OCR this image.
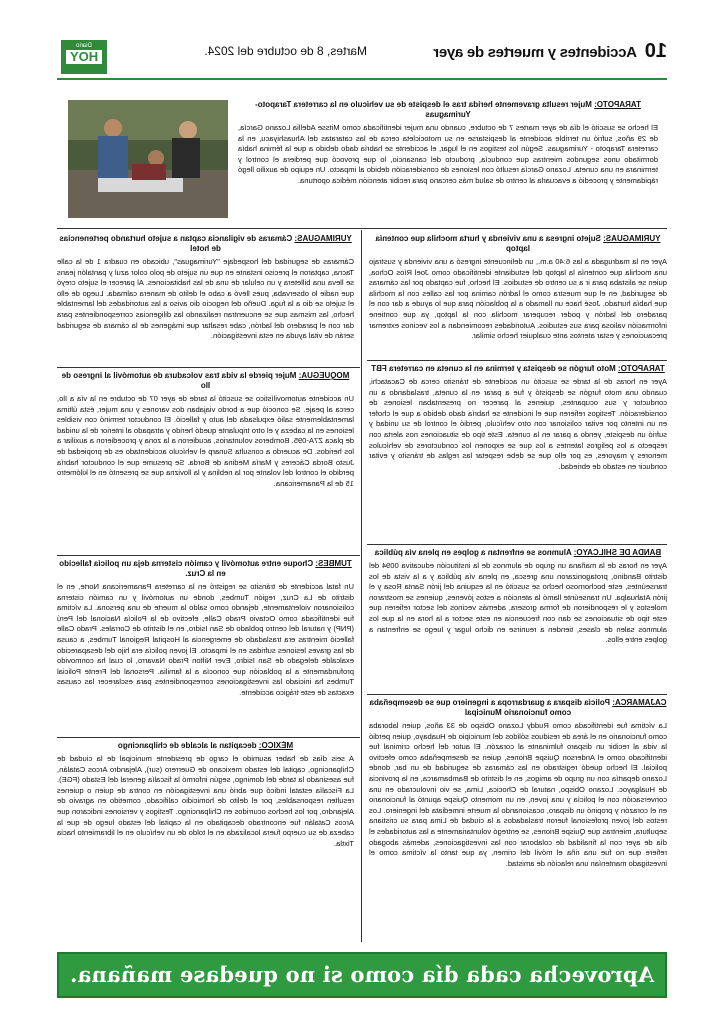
10
Accidentes y muertes de ayer
Martes, 8 de octubre del 2024.
Diario
HOY
TARAPOTO: Mujer resulta gravemente herida tras el despiste de su vehículo en la carretera Tarapoto-Yurimaguas

El hecho se suscitó el día de ayer martes 7 de octubre, cuando una mujer identificada como Mitsse Adellia Lozano García, de 29 años, sufrió un terrible accidente al despistarse en su motocicleta cerca de las cataratas del Ahuashiyacu, en la carretera Tarapoto - Yurimaguas. Según los testigos en el lugar, el accidente se habría dado debido a que la fémina había dormitado unos segundos mientras que conducía, producto del cansancio, lo que provocó que perdiera el control y terminara en una cuneta. Lozano García resultó con lesiones de consideración debido al impacto. Un equipo de auxilio llegó rápidamente y procedió a evacuarla al centro de salud más cercano para recibir atención médica oportuna.

YURIMAGUAS: Sujeto ingresa a una vivienda y hurta mochila que contenía laptop

Ayer en la madrugada a las 6:40 a.m., un delincuente ingresó a una vivienda y sustrajo una mochila que contenía la laptop del estudiante identificado como Joel Ríos Ochoa, quien se alistaba para ir a su centro de estudios. El hecho, fue captado por las cámaras de seguridad, en el que muestra como el ladrón camina por las calles con la mochila que había hurtado. José hace un llamado a la población para que lo ayude a dar con el paradero del ladrón y poder recuperar mochila con la laptop, ya que contiene información valiosa para sus estudios. Autoridades recomiendan a los vecinos extremar precauciones y estar atentos ante cualquier hecho similar.

TARAPOTO: Moto furgón se despista y termina en la cuneta en carretera FBT

Ayer en horas de la tarde se suscitó un accidente de tránsito cerca de Cacatachi, cuando una moto furgón se despistó y fue a parar en la cuneta, trasladando a un conductor y sus ocupantes, quienes al parecer no presentaban lesiones de consideración. Testigos refieren que el incidente se habría dado debido a que el chofer en un intento por evitar colisionar con otro vehículo, perdió el control de su unidad y sufrió un despiste, yendo a parar en la cuneta. Este tipo de situaciones nos alerta con respecto a los peligros latentes a los que se exponen los conductores de vehículos menores y mayores, es por ello que se debe respetar las reglas de tránsito y evitar conducir en estado de ebriedad.

BANDA DE SHILCAYO: Alumnos se enfrentan a golpes en plena vía pública

Ayer en horas de la mañana un grupo de alumnos de la institución educativa 0094 del distrito Bandino, protagonizaron una gresca, en plena vía pública y a la vista de los transeúntes, este bochornoso hecho se suscitó en la esquina del jirón Santa Rosa y el jirón Atahualpa. Un transeúnte llamó la atención a estos jóvenes, quienes se mostraron molestos y le respondieron de forma grosera, además vecinos del sector refieren que este tipo de situaciones se dan con frecuencia en este sector a la hora en la que los alumnos salen de clases, tienden a reunirse en dicho lugar y luego se enfrentan a golpes entre ellos.

CAJAMARCA: Policía dispara a guardarropa a ingeniero que se desempeñaba como funcionario Municipal

La víctima fue identificada como Ruddy Lozano Obispo de 33 años, quien laboraba como funcionario en el área de residuos sólidos del municipio de Huabayo, quien perdió la vida al recibir un disparo fulminante al corazón. El autor del hecho criminal fue identificado como el Anderson Quispe Briones, quien se desempeñaba como efectivo policial. El hecho quedó registrado en las cámaras de seguridad de un bar, donde Lozano departía con un grupo de amigos, en el distrito de Bambamarca, en la provincia de Hualgayoc. Lozano Obispo, natural de Chocica, Lima, se vio involucrado en una conversación con el policía y una joven, en un momento Quispe apuntó al funcionario en el corazón y propinó un disparo, ocasionando la muerte inmediata del ingeniero. Los restos del joven profesional fueron trasladados a la ciudad de Lima para su cristiana sepultura, mientras que Quispe Briones, se entregó voluntariamente a las autoridades el día de ayer con la finalidad de colaborar con las investigaciones, además abogado refiere que no fue una riña el móvil del crimen, ya que tanto la víctima como el investigado mantenían una relación de amistad.

YURIMAGUAS: Cámaras de vigilancia captan a sujeto hurtando pertenencias de hotel

Cámaras de seguridad del hospedaje "Yurimaguas", ubicado en cuadra 1 de la calle Tacna, captaron el preciso instante en que un sujeto de polo color azul y pantalón jeans se lleva una billetera y un celular de una de las habitaciones. Al parecer el sujeto creyó que nadie lo observaba, pues llevó a cabo el delito de manera calmada. Luego de ello el sujeto se dio a la fuga. Dueño del negocio dio aviso a las autoridades del lamentable hecho, las mismas que se encuentran realizando las diligencias correspondientes para dar con el paradero del ladrón, cabe resaltar que imágenes de la cámara de seguridad serán de vital ayuda en esta investigación.

MOQUEGUA: Mujer pierde la vida tras volcadura de automóvil al ingreso de Ilo

Un accidente automovilístico se suscitó la tarde de ayer 07 de octubre en la vía a Ilo, cerca al peaje. Se conoció que a bordo viajaban dos varones y una mujer, ésta última lamentablemente salió expulsada del auto y falleció. El conductor terminó con visibles lesiones en la cabeza y el otro tripulante quedó herido y atrapado al interior de la unidad de placa Z7A-095. Bomberos voluntarios, acudieron a la zona y procedieron a auxiliar a los heridos. De acuerdo a consulta Sunarp el vehículo accidentado es de propiedad de Justo Borda Cáceres y María Medina de Borda. Se presume que el conductor habría perdido el control del volante por la neblina y la llovizna que se presentó en el kilómetro 15 de la Panamericana.

TUMBES: Choque entre automóvil y camión cisterna deja un policía fallecido en la Cruz.

Un fatal accidente de tránsito se registró en la carretera Panamericana Norte, en el distrito de La Cruz, región Tumbes, donde un automóvil y un camión cisterna colisionaron violentamente, dejando como saldo la muerte de una persona. La víctima fue identificada como Octavio Prado Calle, efectivo de la Policía Nacional del Perú (PNP) y natural del centro poblado de San Isidro, en el distrito de Corrales. Prado Calle falleció mientras era trasladado de emergencia al Hospital Regional Tumbes, a causa de las graves lesiones sufridas en el impacto. El joven policía era hijo del desaparecido exalcalde delegado de San Isidro, Ever Nilton Prado Navarro, lo cual ha conmovido profundamente a la población que conocía a la familia. Personal del Frente Policial Tumbes ha iniciado las investigaciones correspondientes para esclarecer las causas exactas de este trágico accidente.

MÉXICO: decapitan al alcalde de chilpancingo

A seis días de haber asumido el cargo de presidente municipal de la ciudad de Chilpancingo, capital del estado mexicano de Guerrero (sur), Alejandro Arcos Catalán, fue asesinado la tarde del domingo, según informó la fiscalía general del Estado (FGE). La Fiscalía estatal indicó que abrió una investigación en contra de quien o quienes resulten responsables, por el delito de homicidio calificado, cometido en agravio de Alejandro, por los hechos ocurridos en Chilpancingo. Testigos y versiones indicaron que Arcos Catalán fue encontrado decapitado en la capital del estado luego de que la cabeza de su cuerpo fuera localizada en el toldo de un vehículo en el libramiento hacia Tixtla.

Aprovecha cada día como si no quedase mañana.
